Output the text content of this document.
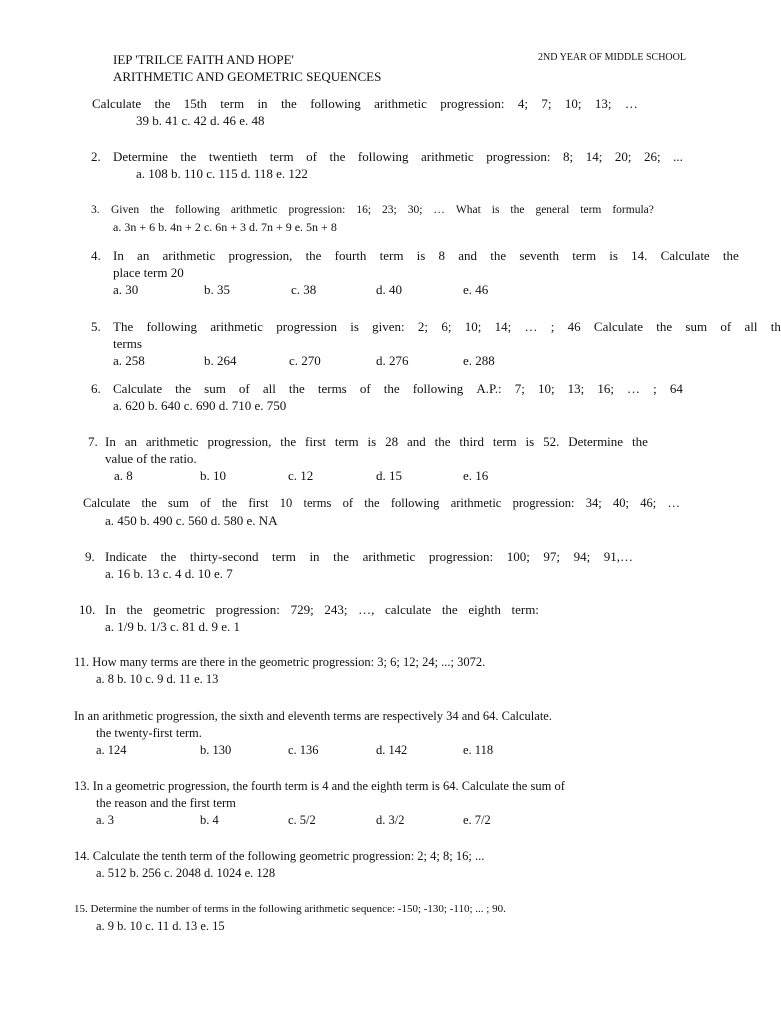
IEP 'TRILCE FAITH AND HOPE'
ARITHMETIC AND GEOMETRIC SEQUENCES
2ND YEAR OF MIDDLE SCHOOL
Calculate the 15th term in the following arithmetic progression: 4; 7; 10; 13; …
39 b. 41 c. 42 d. 46 e. 48
2. Determine the twentieth term of the following arithmetic progression: 8; 14; 20; 26; ...
a. 108 b. 110 c. 115 d. 118 e. 122
3. Given the following arithmetic progression: 16; 23; 30; … What is the general term formula?
a. 3n + 6 b. 4n + 2 c. 6n + 3 d. 7n + 9 e. 5n + 8
4. In an arithmetic progression, the fourth term is 8 and the seventh term is 14. Calculate the
place term 20
a. 30	b. 35	c. 38	d. 40	e. 46
5. The following arithmetic progression is given: 2; 6; 10; 14; … ; 46 Calculate the sum of all th
terms
a. 258	b. 264	c. 270	d. 276	e. 288
6. Calculate the sum of all the terms of the following A.P.: 7; 10; 13; 16; … ; 64
a. 620 b. 640 c. 690 d. 710 e. 750
7. In an arithmetic progression, the first term is 28 and the third term is 52. Determine the
value of the ratio.
a. 8	b. 10	c. 12	d. 15	e. 16
Calculate the sum of the first 10 terms of the following arithmetic progression: 34; 40; 46; …
a. 450 b. 490 c. 560 d. 580 e. NA
9. Indicate the thirty-second term in the arithmetic progression: 100; 97; 94; 91,…
a. 16 b. 13 c. 4 d. 10 e. 7
10. In the geometric progression: 729; 243; …, calculate the eighth term:
a. 1/9 b. 1/3 c. 81 d. 9 e. 1
11. How many terms are there in the geometric progression: 3; 6; 12; 24; ...; 3072.
a. 8 b. 10 c. 9 d. 11 e. 13
In an arithmetic progression, the sixth and eleventh terms are respectively 34 and 64. Calculate.
the twenty-first term.
a. 124	b. 130	c. 136	d. 142	e. 118
13. In a geometric progression, the fourth term is 4 and the eighth term is 64. Calculate the sum of
the reason and the first term
a. 3	b. 4	c. 5/2	d. 3/2	e. 7/2
14. Calculate the tenth term of the following geometric progression: 2; 4; 8; 16; ...
a. 512 b. 256 c. 2048 d. 1024 e. 128
15. Determine the number of terms in the following arithmetic sequence: -150; -130; -110; ... ; 90.
a. 9 b. 10 c. 11 d. 13 e. 15
